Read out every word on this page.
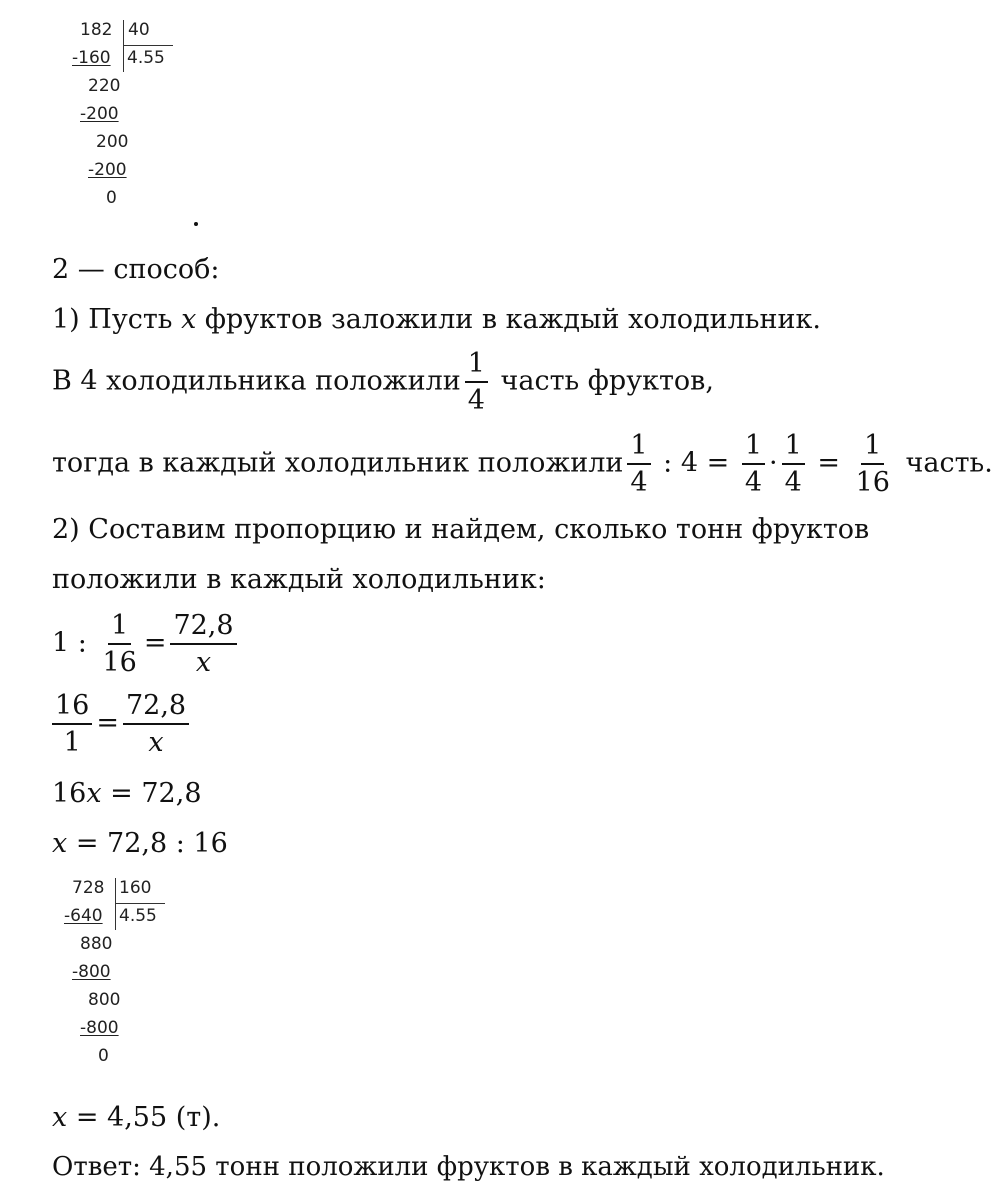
182 40
-160 4.55
220
-200
200
-200
0
2 — способ:
1) Пусть x фруктов заложили в каждый холодильник.
В 4 холодильника положили $\frac{1}{4}$ часть фруктов,
тогда в каждый холодильник положили $\frac{1}{4}$ : $4 = \frac{1}{4} \cdot \frac{1}{4} = \frac{1}{16}$ часть.
2) Составим пропорцию и найдем, сколько тонн фруктов
положили в каждый холодильник:
1 : $\frac{1}{16} = \frac{72,8}{x}$
$\frac{16}{1} = \frac{72,8}{x}$
16x = 72,8
x = 72,8 : 16
728 160
-640 4.55
880
-800
800
-800
0
x = 4,55 (т).
Ответ: 4,55 тонн положили фруктов в каждый холодильник.
